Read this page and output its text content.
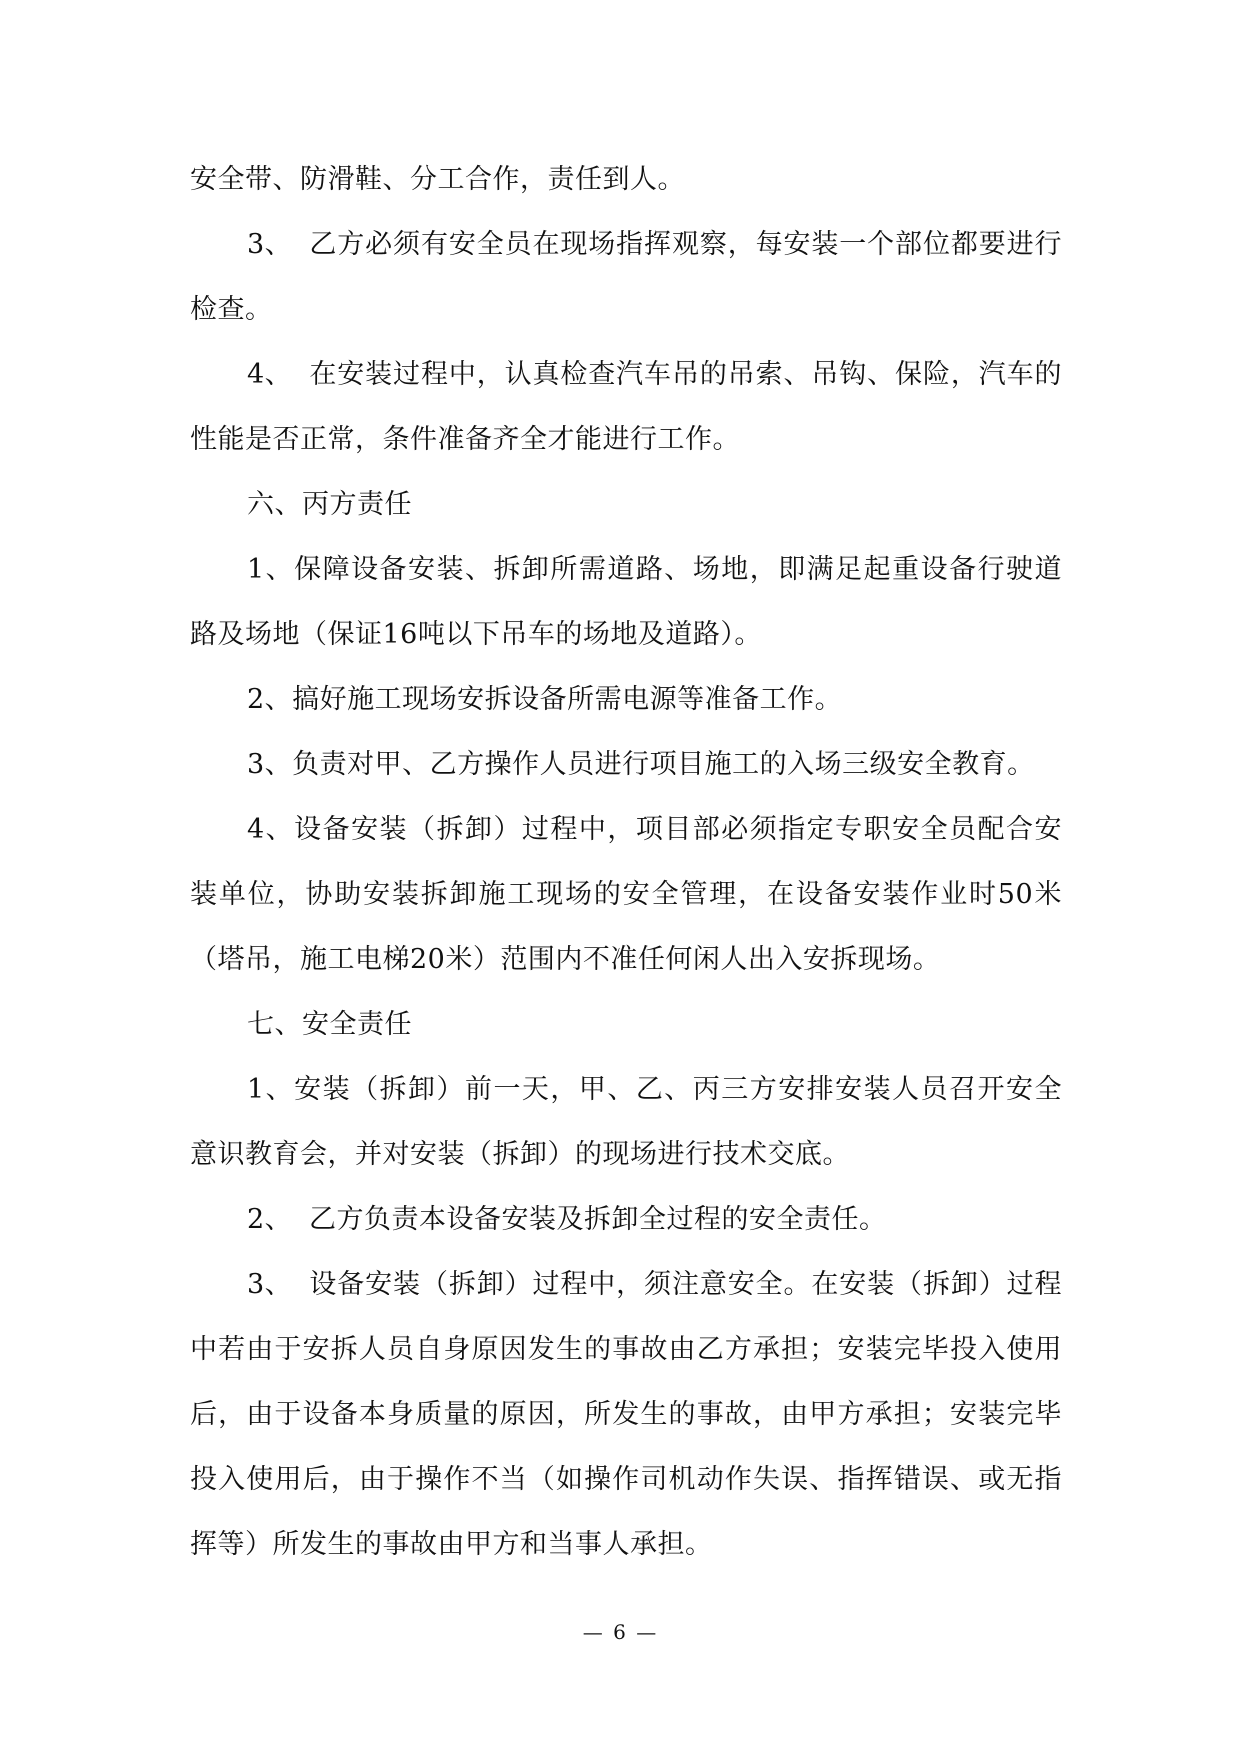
安全带、防滑鞋、分工合作，责任到人。

3、 乙方必须有安全员在现场指挥观察，每安装一个部位都要进行检查。

4、 在安装过程中，认真检查汽车吊的吊索、吊钩、保险，汽车的性能是否正常，条件准备齐全才能进行工作。

六、丙方责任

1、保障设备安装、拆卸所需道路、场地，即满足起重设备行驶道路及场地（保证16吨以下吊车的场地及道路）。

2、搞好施工现场安拆设备所需电源等准备工作。

3、负责对甲、乙方操作人员进行项目施工的入场三级安全教育。

4、设备安装（拆卸）过程中，项目部必须指定专职安全员配合安装单位，协助安装拆卸施工现场的安全管理，在设备安装作业时50米（塔吊，施工电梯20米）范围内不准任何闲人出入安拆现场。

七、安全责任

1、安装（拆卸）前一天，甲、乙、丙三方安排安装人员召开安全意识教育会，并对安装（拆卸）的现场进行技术交底。

2、 乙方负责本设备安装及拆卸全过程的安全责任。

3、 设备安装（拆卸）过程中，须注意安全。在安装（拆卸）过程中若由于安拆人员自身原因发生的事故由乙方承担；安装完毕投入使用后，由于设备本身质量的原因，所发生的事故，由甲方承担；安装完毕投入使用后，由于操作不当（如操作司机动作失误、指挥错误、或无指挥等）所发生的事故由甲方和当事人承担。

— 6 —
